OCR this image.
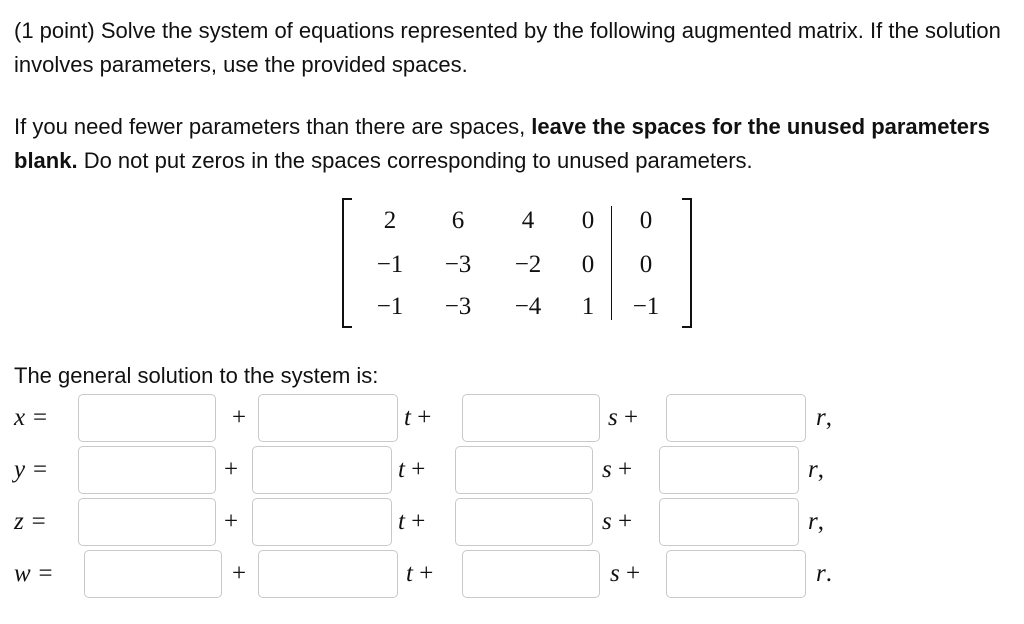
(1 point) Solve the system of equations represented by the following augmented matrix. If the solution involves parameters, use the provided spaces.

If you need fewer parameters than there are spaces, leave the spaces for the unused parameters blank. Do not put zeros in the spaces corresponding to unused parameters.

2	6	4	0	0
−1	−3	−2	0	0
−1	−3	−4	1	−1

The general solution to the system is:

x =	+	t +	s +	r,
y =	+	t +	s +	r,
z =	+	t +	s +	r,
w =	+	t +	s +	r.
